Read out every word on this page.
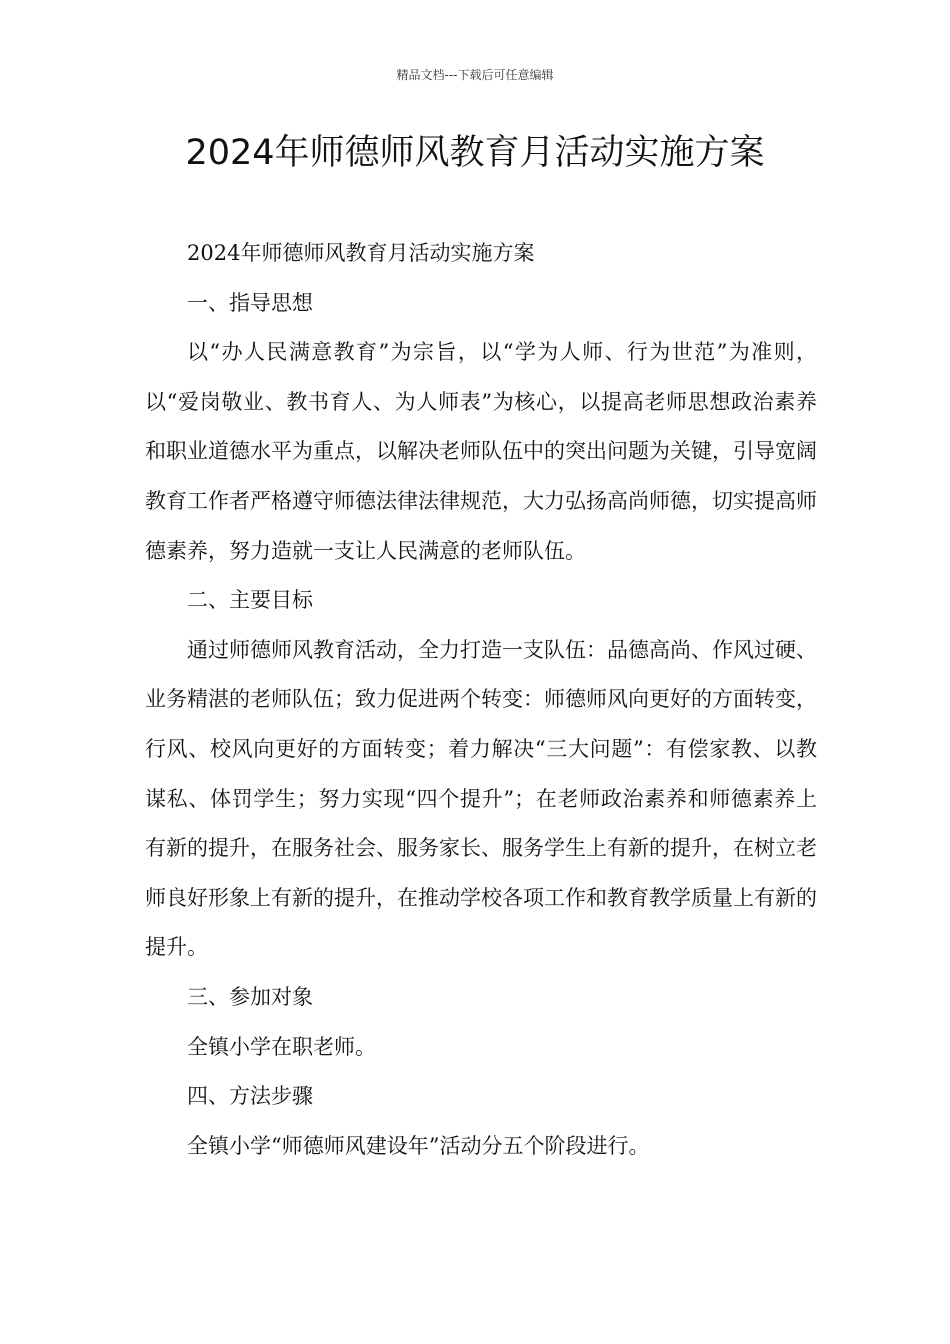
精品文档---下载后可任意编辑
2024年师德师风教育月活动实施方案

2024年师德师风教育月活动实施方案

一、指导思想

以“办人民满意教育”为宗旨，以“学为人师、行为世范”为准则，以“爱岗敬业、教书育人、为人师表”为核心，以提高老师思想政治素养和职业道德水平为重点，以解决老师队伍中的突出问题为关键，引导宽阔教育工作者严格遵守师德法律法律规范，大力弘扬高尚师德，切实提高师德素养，努力造就一支让人民满意的老师队伍。

二、主要目标

通过师德师风教育活动，全力打造一支队伍：品德高尚、作风过硬、业务精湛的老师队伍；致力促进两个转变：师德师风向更好的方面转变，行风、校风向更好的方面转变；着力解决“三大问题”：有偿家教、以教谋私、体罚学生；努力实现“四个提升”；在老师政治素养和师德素养上有新的提升，在服务社会、服务家长、服务学生上有新的提升，在树立老师良好形象上有新的提升，在推动学校各项工作和教育教学质量上有新的提升。

三、参加对象

全镇小学在职老师。

四、方法步骤

全镇小学“师德师风建设年”活动分五个阶段进行。
